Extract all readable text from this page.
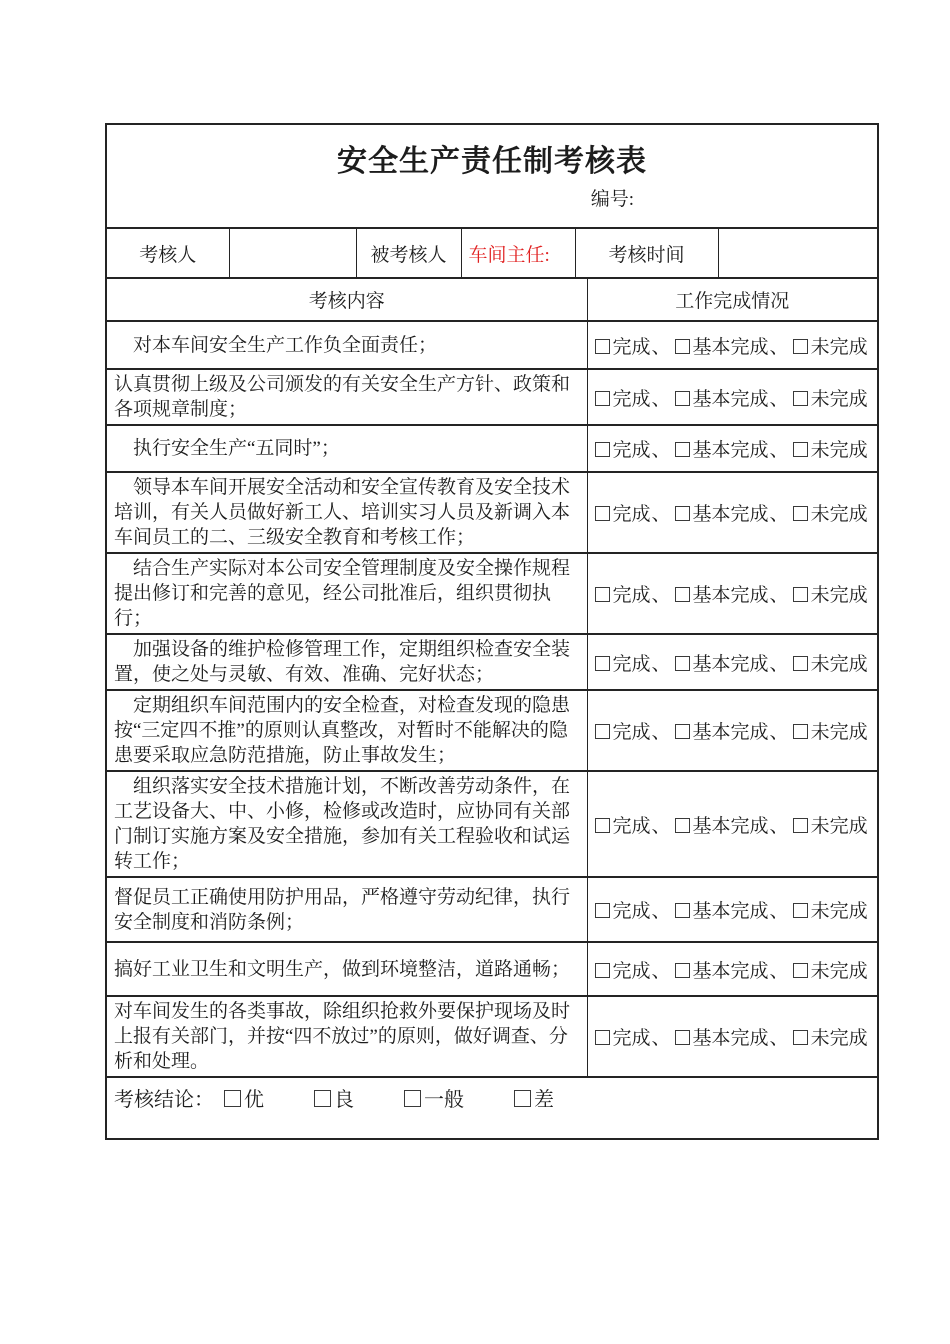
安全生产责任制考核表
编号:						

考核人		被考核人	车间主任:	考核时间		
考核内容					工作完成情况	
　对本车间安全生产工作负全面责任；					完成、 基本完成、 未完成	
认真贯彻上级及公司颁发的有关安全生产方针、政策和各项规章制度；					完成、 基本完成、 未完成	
　执行安全生产“五同时”；					完成、 基本完成、 未完成	
　领导本车间开展安全活动和安全宣传教育及安全技术培训，有关人员做好新工人、培训实习人员及新调入本车间员工的二、三级安全教育和考核工作；					完成、 基本完成、 未完成	
　结合生产实际对本公司安全管理制度及安全操作规程提出修订和完善的意见，经公司批准后，组织贯彻执行；					完成、 基本完成、 未完成	
　加强设备的维护检修管理工作，定期组织检查安全装置，使之处与灵敏、有效、准确、完好状态；					完成、 基本完成、 未完成	
　定期组织车间范围内的安全检查，对检查发现的隐患按“三定四不推”的原则认真整改，对暂时不能解决的隐患要采取应急防范措施，防止事故发生；					完成、 基本完成、 未完成	
　组织落实安全技术措施计划，不断改善劳动条件，在工艺设备大、中、小修，检修或改造时，应协同有关部门制订实施方案及安全措施，参加有关工程验收和试运转工作；					完成、 基本完成、 未完成	
督促员工正确使用防护用品，严格遵守劳动纪律，执行安全制度和消防条例；					完成、 基本完成、 未完成	
搞好工业卫生和文明生产，做到环境整洁，道路通畅；					完成、 基本完成、 未完成	
对车间发生的各类事故，除组织抢救外要保护现场及时上报有关部门，并按“四不放过”的原则，做好调查、分析和处理。					完成、 基本完成、 未完成	
考核结论： 优 良 一般 差						
